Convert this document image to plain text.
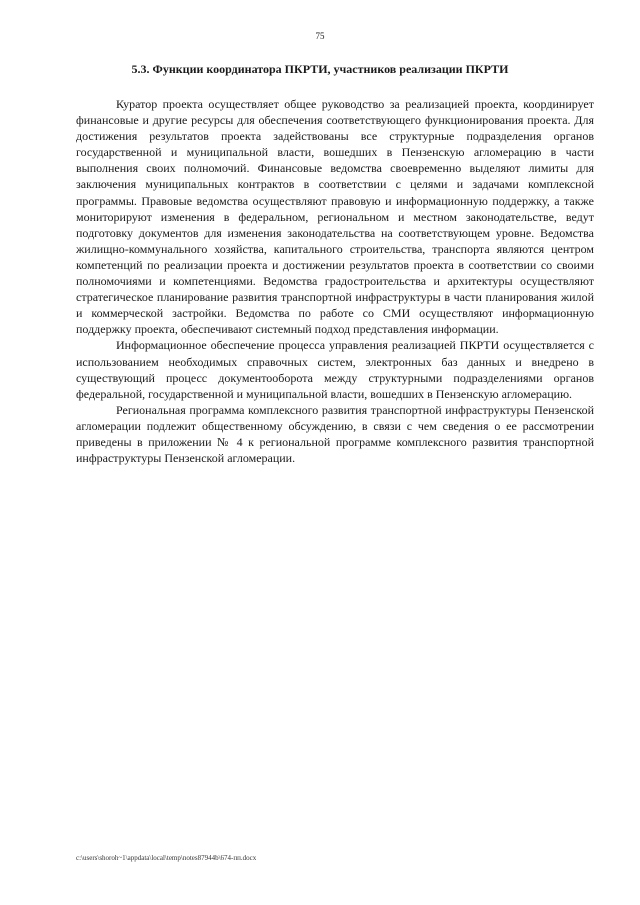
75
5.3. Функции координатора ПКРТИ, участников реализации ПКРТИ

Куратор проекта осуществляет общее руководство за реализацией проекта, координирует финансовые и другие ресурсы для обеспечения соответствующего функционирования проекта. Для достижения результатов проекта задействованы все структурные подразделения органов государственной и муниципальной власти, вошедших в Пензенскую агломерацию в части выполнения своих полномочий. Финансовые ведомства своевременно выделяют лимиты для заключения муниципальных контрактов в соответствии с целями и задачами комплексной программы. Правовые ведомства осуществляют правовую и информационную поддержку, а также мониторируют изменения в федеральном, региональном и местном законодательстве, ведут подготовку документов для изменения законодательства на соответствующем уровне. Ведомства жилищно-коммунального хозяйства, капитального строительства, транспорта являются центром компетенций по реализации проекта и достижении результатов проекта в соответствии со своими полномочиями и компетенциями. Ведомства градостроительства и архитектуры осуществляют стратегическое планирование развития транспортной инфраструктуры в части планирования жилой и коммерческой застройки. Ведомства по работе со СМИ осуществляют информационную поддержку проекта, обеспечивают системный подход представления информации.

Информационное обеспечение процесса управления реализацией ПКРТИ осуществляется с использованием необходимых справочных систем, электронных баз данных и внедрено в существующий процесс документооборота между структурными подразделениями органов федеральной, государственной и муниципальной власти, вошедших в Пензенскую агломерацию.

Региональная программа комплексного развития транспортной инфраструктуры Пензенской агломерации подлежит общественному обсуждению, в связи с чем сведения о ее рассмотрении приведены в приложении № 4 к региональной программе комплексного развития транспортной инфраструктуры Пензенской агломерации.

c:\users\shoroh~1\appdata\local\temp\notes87944b\674-пп.docx
